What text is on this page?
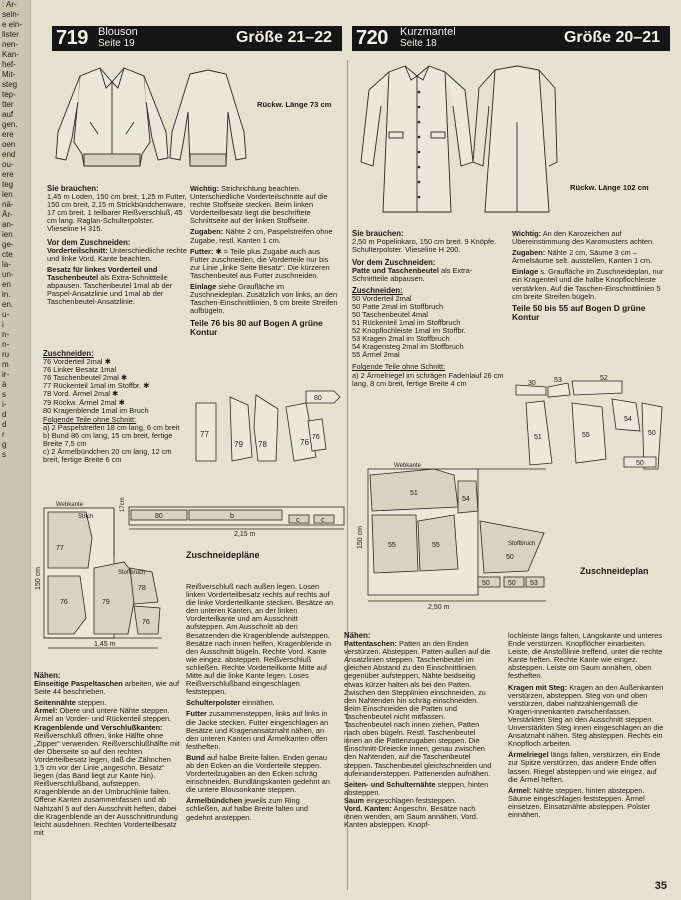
: Ar-
sein-
e ein-
lister
nen-
Kan-
hef-
Mit-
steg
tep-
tter
auf
gen.
ere
oen
end
ou-
ere
teg
len
nä-
Är-
an-
ien
ge-
cte
la-
un-
en
in.
en.
u-
i
n-
n-
ru
m
ir-
ä
s
i-
d
d
r
g
s
719 Blouson
Seite 19	Größe 21–22
Rückw. Länge 73 cm
Sie brauchen:

1,45 m Loden, 150 cm breit, 1,25 m Futter, 150 cm breit, 2,15 m Strickbündchenware, 17 cm breit. 1 teilbarer Reißverschluß, 45 cm lang. Raglan-Schulterpolster. Vlieseline H 315.

Vor dem Zuschneiden:

Vorderteilschnitt: Unterschiedliche rechte und linke Vord. Kante beachten.

Besatz für linkes Vorderteil und Taschenbeutel als Extra-Schnittteile abpausen. Taschenbeutel 1mal ab der Paspel-Ansatzlinie und 1mal ab der Taschenbeutel-Ansatzlinie.

Wichtig: Strichrichtung beachten. Unterschiedliche Vorderteilschnitte auf die rechte Stoffseite stecken. Beim linken Vorderteilbesatz liegt die beschriftete Schnittseite auf der linken Stoffseite.

Zugaben: Nähte 2 cm, Paspelstreifen ohne Zugabe, restl. Kanten 1 cm.

Futter: ✱ = Teile plus Zugabe auch aus Futter zuschneiden, die Vorderteile nur bis zur Linie „linke Seite Besatz“. Die kürzeren Taschenbeutel aus Futter zuschneiden.

Einlage siehe Graufläche im Zuschneideplan. Zusätzlich von links, an den Taschen-Einschnittlinien, 5 cm breite Streifen aufbügeln.

Teile 76 bis 80 auf Bogen A grüne Kontur
77
79 78	76
80
76
Zuschneiden:
76 Vorderteil 2mal ✱
76 Linker Besatz 1mal
76 Taschenbeutel 2mal ✱
77 Rückenteil 1mal im Stoffbr. ✱
78 Vord. Ärmel 2mal ✱
79 Rückw. Ärmel 2mal ✱
80 Kragenblende 1mal im Bruch
Folgende Teile ohne Schnitt:
a) 2 Paspelstreifen 18 cm lang, 6 cm breit
b) Bund 86 cm lang, 15 cm breit, fertige Breite 7,5 cm
c) 2 Ärmelbündchen 20 cm lang, 12 cm breit, fertige Breite 6 cm
80	b
c	c
2,15 m
17cm
Webkante
Strich
Stoffbruch
77
76	79
78
76
1,45 m
150 cm
Zuschneidepläne

Reißverschluß nach außen legen. Losen linken Vorderteilbesatz rechts auf rechts auf die linke Vorderteilkante stecken. Besätze an den unteren Kanten, an der linken Vorderteilkante und am Ausschnitt aufsteppen. Am Ausschnitt ab den Besatzenden die Kragenblende aufsteppen. Besätze nach innen helfen, Kragenblende in den Ausschnitt bügeln. Rechte Vord. Kante wie eingez. absteppen. Reißverschluß schließen. Rechte Vorderteilkante Mitte auf Mitte auf die linke Kante legen. Loses Reißverschlußband eingeschlagen feststeppen.

Schulterpolster einnähen.

Futter zusammensteppen, links auf links in die Jacke stecken. Futter eingeschlagen an Besätze und Kragenansatznaht nähen, an den unteren Kanten und Ärmelkanten offen festheften.

Bund auf halbe Breite falten. Enden genau ab den Ecken an die Vorderteile steppen. Vorderteilzugaben an den Ecken schräg einschneiden. Bundlängskanten gedehnt an die untere Blousonkante steppen.

Ärmelbündchen jeweils zum Ring schließen, auf halbe Breite falten und gedehnt ansteppen.

Nähen:

Einseitige Paspeltaschen arbeiten, wie auf Seite 44 beschrieben.

Seitennähte steppen.

Ärmel: Obere und untere Nähte steppen. Ärmel an Vorder- und Rückenteil steppen.

Kragenblende und Verschlußkanten: Reißverschluß öffnen, linke Hälfte ohne „Zipper“ verwenden. Reißverschlußhälfte mit der Oberseite so auf den rechten Vorderteilbesatz legen, daß die Zähnchen 1,5 cm vor der Linie „angeschn. Besatz“ liegen (das Band liegt zur Kante hin). Reißverschlußband, aufsteppen. Kragenblende an der Umbruchlinie falten. Offene Kanten zusammenfassen und ab Nahtzahl 5 auf den Ausschnitt heften, dabei die Kragenblende an der Ausschnittrundung leicht ausdehnen. Rechten Vorderteilbesatz mit

720 Kurzmantel
Seite 18	Größe 20–21
Rückw. Länge 102 cm
Sie brauchen:

2,50 m Popelinkaro, 150 cm breit. 9 Knöpfe. Schulterpolster. Vlieseline H 200.

Vor dem Zuschneiden:

Patte und Taschenbeutel als Extra-Schnittteile abpausen.

Zuschneiden:
50 Vorderteil 2mal
50 Patte 2mal im Stoffbruch
50 Taschenbeutel 4mal
51 Rückenteil 1mal im Stoffbruch
52 Knopflochleiste 1mal im Stoffbr.
53 Kragen 2mal im Stoffbruch
54 Kragensteg 2mal im Stoffbruch
55 Ärmel 2mal
Folgende Teile ohne Schnitt:
a) 2 Ärmelriegel im schrägen Fadenlauf 26 cm lang, 8 cm breit, fertige Breite 4 cm

Wichtig: An den Karozeichen auf Übereinstimmung des Karomusters achten.

Zugaben: Nähte 2 cm, Säume 3 cm – Ärmelsäume selt. ausstellen, Kanten 1 cm.

Einlage s. Graufläche im Zuschneideplan, nur ein Kragenteil und die halbe Knopflochleiste verstärken. Auf die Taschen-Einschnittlinien 5 cm breite Streifen bügeln.

Teile 50 bis 55 auf Bogen D grüne Kontur
30	53	52
51	55
54
50
50
Webkante
51
55	55
54
50
50	50 53
Stoffbruch
2,50 m
150 cm
Zuschneideplan
Nähen:

Pattentaschen: Patten an den Enden verstürzen. Absteppen. Patten außen auf die Ansatzlinien steppen. Taschenbeutel im gleichen Abstand zu den Einschnittlinien gegenüber aufsteppen, Nähte beidseitig etwas kürzer halten als bei den Patten. Zwischen den Stepplinien einschneiden, zu den Nahtenden hin schräg einschneiden. Beim Einschneiden die Patten und Taschenbeutel nicht mitfassen. Taschenbeutel nach innen ziehen, Patten nach oben bügeln. Restl. Taschenbeutel innen an die Pattenzugaben steppen. Die Einschnitt-Dreiecke innen, genau zwischen den Nahtenden, auf die Taschenbeutel steppen. Taschenbeutel gleichschneiden und aufeinandersteppen. Pattenenden aufnähen.

Seiten- und Schulternähte steppen, hinten absteppen.

Saum eingeschlagen feststeppen.

Vord. Kanten: Angeschn. Besätze nach innen wenden, am Saum annähen. Vord. Kanten absteppen. Knopf-

lochleiste längs falten, Längskante und unteres Ende verstürzen. Knopflöcher einarbeiten. Leiste, die Anstoßlinie treffend, unter die rechte Kante heften. Rechte Kante wie eingez. absteppen. Leiste om Saum annähen, oben festheften.

Kragen mit Steg: Kragen an den Außenkanten verstürzen, absteppen. Steg von und oben verstürzen, dabei nahtzahlengemäß die Kragen-innenkanten zwischenfassen. Verstärkten Steg an den Ausschnitt steppen. Unverstärkten Steg innen eingeschlagen an die Ansatznaht nähen. Steg absteppen. Rechts ein Knopfloch arbeiten.

Ärmelriegel längs falten, verstürzen, ein Ende zur Spitze verstürzen, das andere Ende offen lassen. Riegel absteppen und wie eingez. auf die Ärmel heften.

Ärmel: Nähte steppen, hinten absteppen. Säume eingeschlagen feststeppen. Ärmel einsetzen. Einsatznähte absteppen. Polster einnähen.

35
